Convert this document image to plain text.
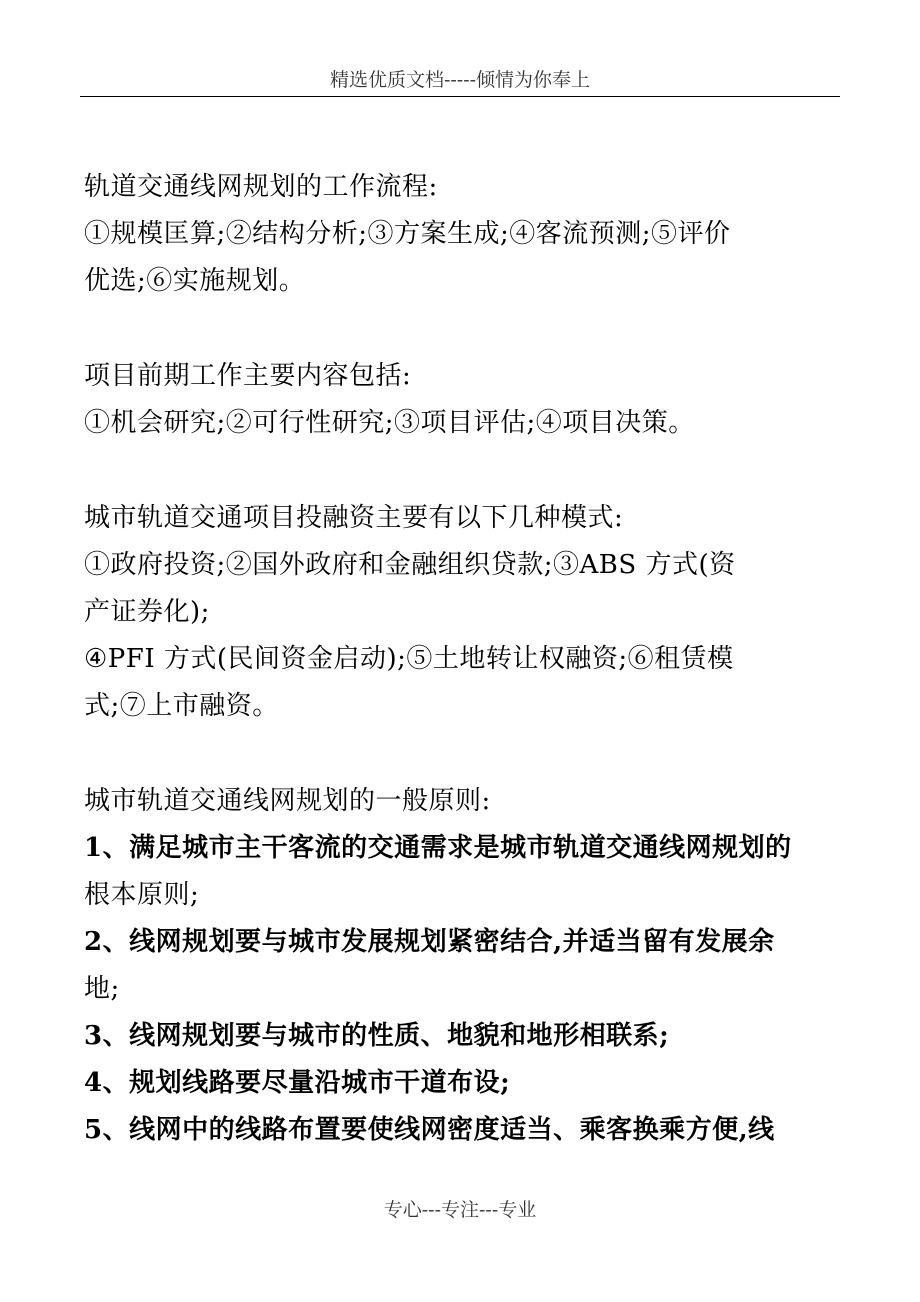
精选优质文档-----倾情为你奉上
轨道交通线网规划的工作流程:
①规模匡算;②结构分析;③方案生成;④客流预测;⑤评价
优选;⑥实施规划。
项目前期工作主要内容包括:
①机会研究;②可行性研究;③项目评估;④项目决策。
城市轨道交通项目投融资主要有以下几种模式:
①政府投资;②国外政府和金融组织贷款;③ABS 方式(资
产证券化);
④PFI 方式(民间资金启动);⑤土地转让权融资;⑥租赁模
式;⑦上市融资。
城市轨道交通线网规划的一般原则:
1、满足城市主干客流的交通需求是城市轨道交通线网规划的
根本原则;
2、线网规划要与城市发展规划紧密结合,并适当留有发展余
地;
3、线网规划要与城市的性质、地貌和地形相联系;
4、规划线路要尽量沿城市干道布设;
5、线网中的线路布置要使线网密度适当、乘客换乘方便,线
专心---专注---专业
